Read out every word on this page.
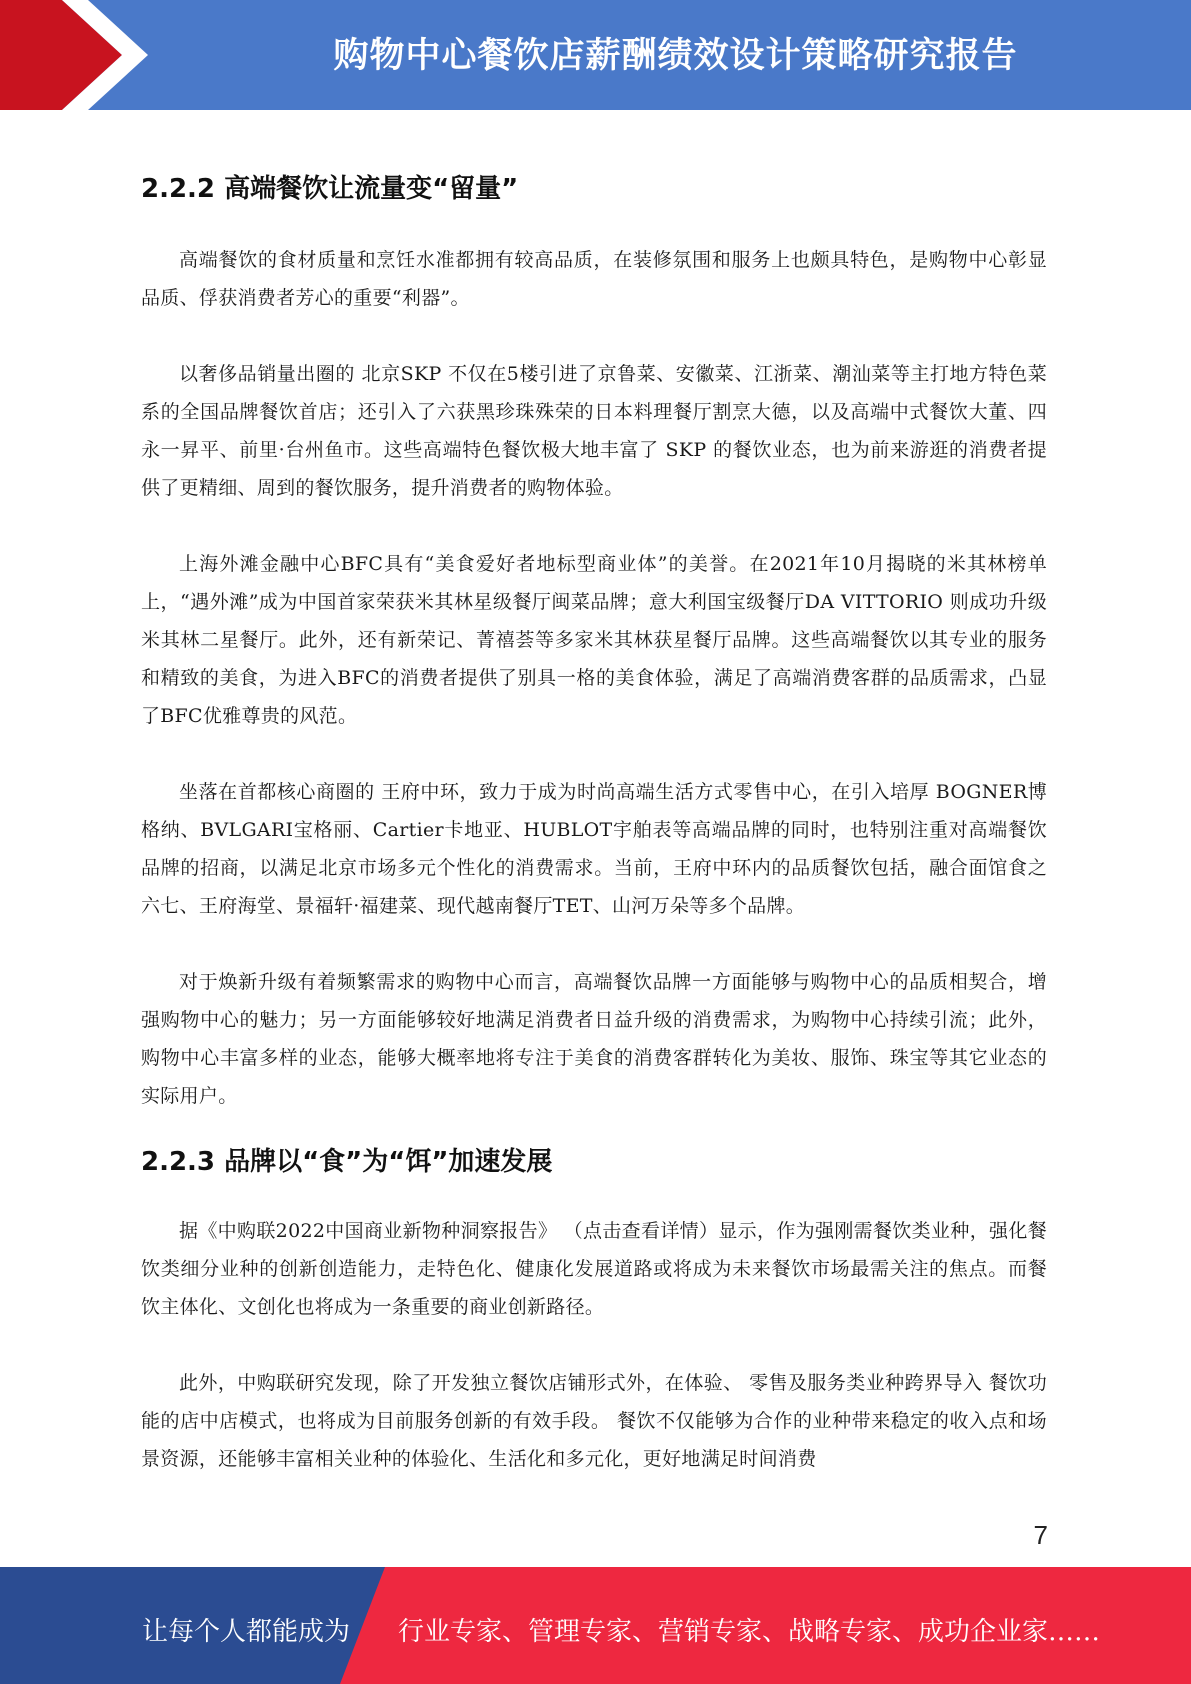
购物中心餐饮店薪酬绩效设计策略研究报告
2.2.2 高端餐饮让流量变“留量”

高端餐饮的食材质量和烹饪水准都拥有较高品质，在装修氛围和服务上也颇具特色，是购物中心彰显品质、俘获消费者芳心的重要“利器”。

以奢侈品销量出圈的 北京SKP 不仅在5楼引进了京鲁菜、安徽菜、江浙菜、潮汕菜等主打地方特色菜系的全国品牌餐饮首店；还引入了六获黑珍珠殊荣的日本料理餐厅割烹大德，以及高端中式餐饮大董、四永一昇平、前里·台州鱼市。这些高端特色餐饮极大地丰富了 SKP 的餐饮业态，也为前来游逛的消费者提供了更精细、周到的餐饮服务，提升消费者的购物体验。

上海外滩金融中心BFC具有“美食爱好者地标型商业体”的美誉。在2021年10月揭晓的米其林榜单上，“遇外滩”成为中国首家荣获米其林星级餐厅闽菜品牌；意大利国宝级餐厅DA VITTORIO 则成功升级米其林二星餐厅。此外，还有新荣记、菁禧荟等多家米其林获星餐厅品牌。这些高端餐饮以其专业的服务和精致的美食，为进入BFC的消费者提供了别具一格的美食体验，满足了高端消费客群的品质需求，凸显了BFC优雅尊贵的风范。

坐落在首都核心商圈的 王府中环，致力于成为时尚高端生活方式零售中心，在引入培厚 BOGNER博格纳、BVLGARI宝格丽、Cartier卡地亚、HUBLOT宇舶表等高端品牌的同时，也特别注重对高端餐饮品牌的招商，以满足北京市场多元个性化的消费需求。当前，王府中环内的品质餐饮包括，融合面馆食之六七、王府海堂、景福轩·福建菜、现代越南餐厅TET、山河万朵等多个品牌。

对于焕新升级有着频繁需求的购物中心而言，高端餐饮品牌一方面能够与购物中心的品质相契合，增强购物中心的魅力；另一方面能够较好地满足消费者日益升级的消费需求，为购物中心持续引流；此外，购物中心丰富多样的业态，能够大概率地将专注于美食的消费客群转化为美妆、服饰、珠宝等其它业态的实际用户。

2.2.3 品牌以“食”为“饵”加速发展

据《中购联2022中国商业新物种洞察报告》 （点击查看详情）显示，作为强刚需餐饮类业种，强化餐饮类细分业种的创新创造能力，走特色化、健康化发展道路或将成为未来餐饮市场最需关注的焦点。而餐饮主体化、文创化也将成为一条重要的商业创新路径。

此外，中购联研究发现，除了开发独立餐饮店铺形式外，在体验、 零售及服务类业种跨界导入 餐饮功能的店中店模式，也将成为目前服务创新的有效手段。 餐饮不仅能够为合作的业种带来稳定的收入点和场景资源，还能够丰富相关业种的体验化、生活化和多元化，更好地满足时间消费

7
让每个人都能成为 行业专家、管理专家、营销专家、战略专家、成功企业家……
